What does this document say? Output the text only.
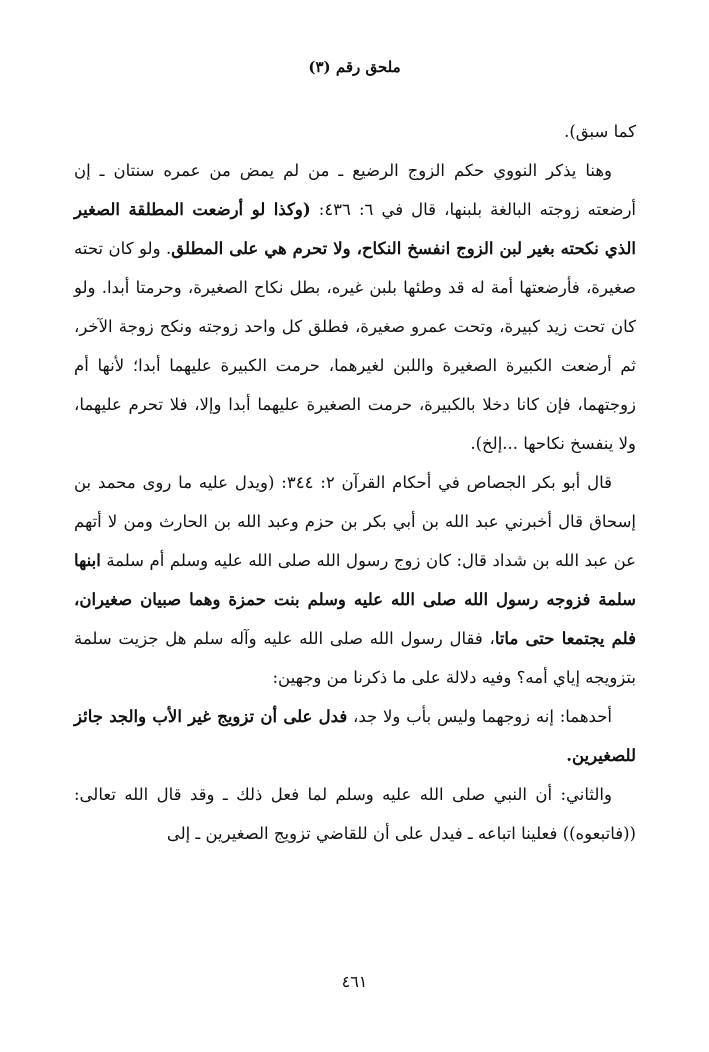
ملحق رقم (٣)

كما سبق).

وهنا يذكر النووي حكم الزوج الرضيع ـ من لم يمض من عمره سنتان ـ إن أرضعته زوجته البالغة بلبنها، قال في ٦: ٤٣٦: (وكذا لو أرضعت المطلقة الصغير الذي نكحته بغير لبن الزوج انفسخ النكاح، ولا تحرم هي على المطلق. ولو كان تحته صغيرة، فأرضعتها أمة له قد وطئها بلبن غيره، بطل نكاح الصغيرة، وحرمتا أبدا. ولو كان تحت زيد كبيرة، وتحت عمرو صغيرة، فطلق كل واحد زوجته ونكح زوجة الآخر، ثم أرضعت الكبيرة الصغيرة واللبن لغيرهما، حرمت الكبيرة عليهما أبدا؛ لأنها أم زوجتهما، فإن كانا دخلا بالكبيرة، حرمت الصغيرة عليهما أبدا وإلا، فلا تحرم عليهما، ولا ينفسخ نكاحها ...إلخ).

قال أبو بكر الجصاص في أحكام القرآن ٢: ٣٤٤: (ويدل عليه ما روى محمد بن إسحاق قال أخبرني عبد الله بن أبي بكر بن حزم وعبد الله بن الحارث ومن لا أتهم عن عبد الله بن شداد قال: كان زوج رسول الله صلى الله عليه وسلم أم سلمة ابنها سلمة فزوجه رسول الله صلى الله عليه وسلم بنت حمزة وهما صبيان صغيران، فلم يجتمعا حتى ماتا، فقال رسول الله صلى الله عليه وآله سلم هل جزيت سلمة بتزويجه إياي أمه؟ وفيه دلالة على ما ذكرنا من وجهين:

أحدهما: إنه زوجهما وليس بأب ولا جد، فدل على أن تزويج غير الأب والجد جائز للصغيرين.

والثاني: أن النبي صلى الله عليه وسلم لما فعل ذلك ـ وقد قال الله تعالى: ((فاتبعوه)) فعلينا اتباعه ـ فيدل على أن للقاضي تزويج الصغيرين ـ إلى

٤٦١
